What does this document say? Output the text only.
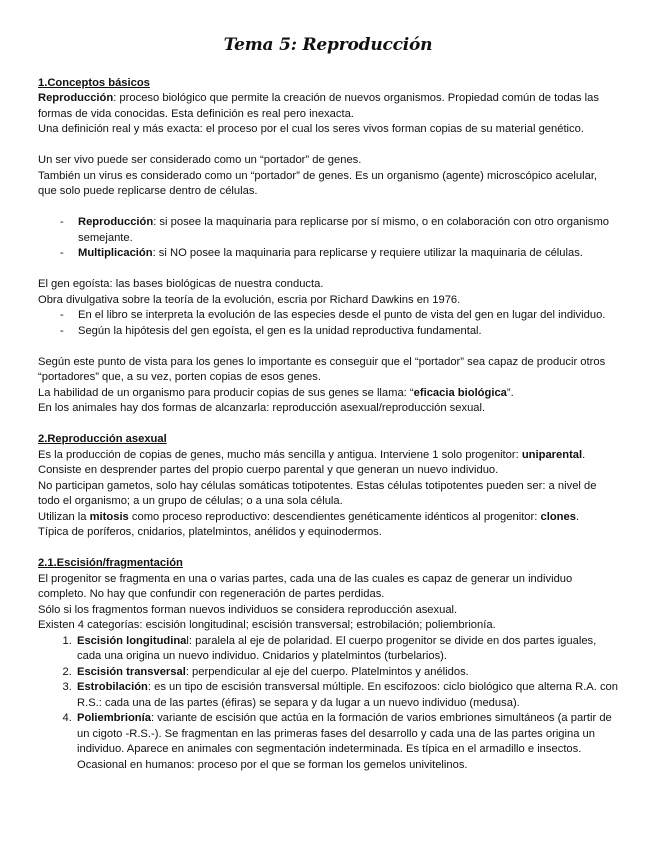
Tema 5: Reproducción
1.Conceptos básicos

Reproducción: proceso biológico que permite la creación de nuevos organismos. Propiedad común de todas las formas de vida conocidas. Esta definición es real pero inexacta.

Una definición real y más exacta: el proceso por el cual los seres vivos forman copias de su material genético.

Un ser vivo puede ser considerado como un “portador” de genes.

También un virus es considerado como un “portador” de genes. Es un organismo (agente) microscópico acelular, que solo puede replicarse dentro de células.

- Reproducción: si posee la maquinaria para replicarse por sí mismo, o en colaboración con otro organismo semejante.
- Multiplicación: si NO posee la maquinaria para replicarse y requiere utilizar la maquinaria de células.

El gen egoísta: las bases biológicas de nuestra conducta.

Obra divulgativa sobre la teoría de la evolución, escria por Richard Dawkins en 1976.

- En el libro se interpreta la evolución de las especies desde el punto de vista del gen en lugar del individuo.
- Según la hipótesis del gen egoísta, el gen es la unidad reproductiva fundamental.

Según este punto de vista para los genes lo importante es conseguir que el “portador” sea capaz de producir otros “portadores” que, a su vez, porten copias de esos genes.

La habilidad de un organismo para producir copias de sus genes se llama: “eficacia biológica”.

En los animales hay dos formas de alcanzarla: reproducción asexual/reproducción sexual.

2.Reproducción asexual

Es la producción de copias de genes, mucho más sencilla y antigua. Interviene 1 solo progenitor: uniparental.

Consiste en desprender partes del propio cuerpo parental y que generan un nuevo individuo.

No participan gametos, solo hay células somáticas totipotentes. Estas células totipotentes pueden ser: a nivel de todo el organismo; a un grupo de células; o a una sola célula.

Utilizan la mitosis como proceso reproductivo: descendientes genéticamente idénticos al progenitor: clones.

Típica de poríferos, cnidarios, platelmintos, anélidos y equinodermos.

2.1.Escisión/fragmentación

El progenitor se fragmenta en una o varias partes, cada una de las cuales es capaz de generar un individuo completo. No hay que confundir con regeneración de partes perdidas.

Sólo si los fragmentos forman nuevos individuos se considera reproducción asexual.

Existen 4 categorías: escisión longitudinal; escisión transversal; estrobilación; poliembrionía.

1. Escisión longitudinal: paralela al eje de polaridad. El cuerpo progenitor se divide en dos partes iguales, cada una origina un nuevo individuo. Cnidarios y platelmintos (turbelarios).
2. Escisión transversal: perpendicular al eje del cuerpo. Platelmintos y anélidos.
3. Estrobilación: es un tipo de escisión transversal múltiple. En escifozoos: ciclo biológico que alterna R.A. con R.S.: cada una de las partes (éfiras) se separa y da lugar a un nuevo individuo (medusa).
4. Poliembrionía: variante de escisión que actúa en la formación de varios embriones simultáneos (a partir de un cigoto -R.S.-). Se fragmentan en las primeras fases del desarrollo y cada una de las partes origina un individuo. Aparece en animales con segmentación indeterminada. Es típica en el armadillo e insectos. Ocasional en humanos: proceso por el que se forman los gemelos univitelinos.
